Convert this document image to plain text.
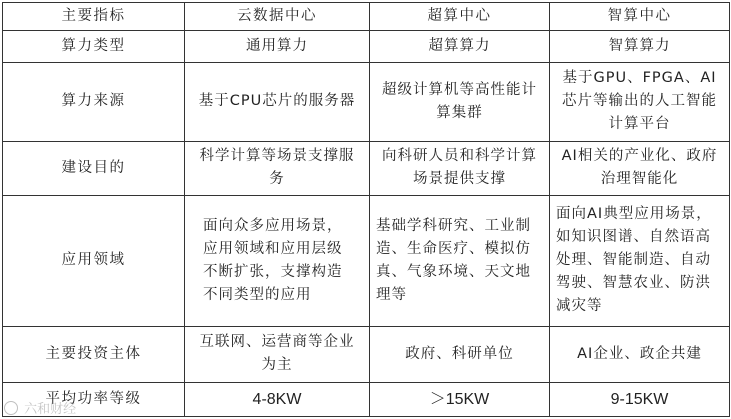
主要指标	云数据中心	超算中心	智算中心
算力类型	通用算力	超算算力	智算算力
算力来源	基于CPU芯片的服务器	超级计算机等高性能计算集群	基于GPU、FPGA、AI芯片等输出的人工智能计算平台
建设目的	科学计算等场景支撑服务	向科研人员和科学计算场景提供支撑	AI相关的产业化、政府治理智能化
应用领域	面向众多应用场景，应用领域和应用层级不断扩张，支撑构造不同类型的应用	基础学科研究、工业制造、生命医疗、模拟仿真、气象环境、天文地理等	面向AI典型应用场景，如知识图谱、自然语高处理、智能制造、自动驾驶、智慧农业、防洪减灾等
主要投资主体	互联网、运营商等企业为主	政府、科研单位	AI企业、政企共建
平均功率等级	4-8KW	＞15KW	9-15KW
六和财经
